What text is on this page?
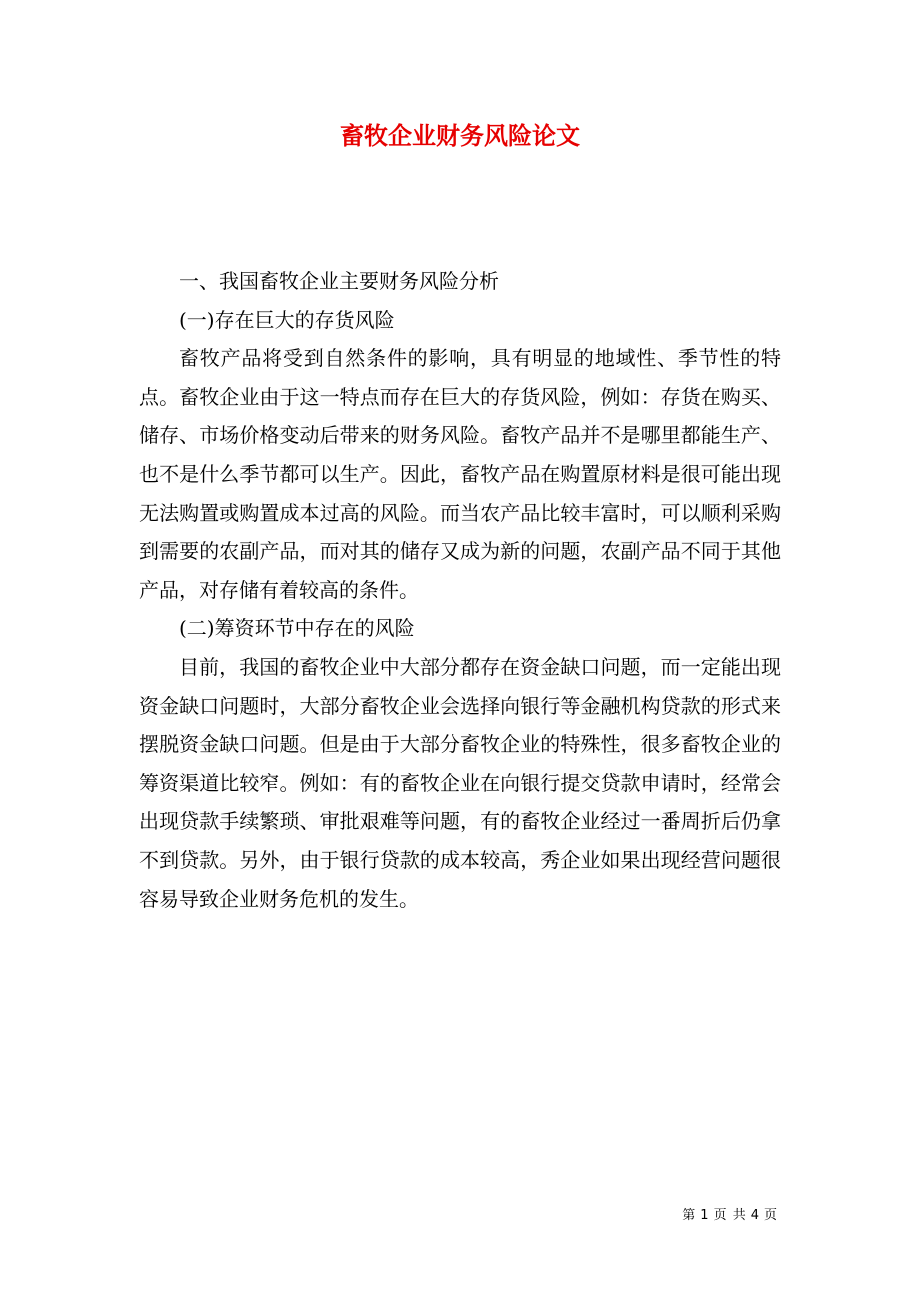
畜牧企业财务风险论文

一、我国畜牧企业主要财务风险分析

(一)存在巨大的存货风险

畜牧产品将受到自然条件的影响，具有明显的地域性、季节性的特点。畜牧企业由于这一特点而存在巨大的存货风险，例如：存货在购买、储存、市场价格变动后带来的财务风险。畜牧产品并不是哪里都能生产、也不是什么季节都可以生产。因此，畜牧产品在购置原材料是很可能出现无法购置或购置成本过高的风险。而当农产品比较丰富时，可以顺利采购到需要的农副产品，而对其的储存又成为新的问题，农副产品不同于其他产品，对存储有着较高的条件。

(二)筹资环节中存在的风险

目前，我国的畜牧企业中大部分都存在资金缺口问题，而一定能出现资金缺口问题时，大部分畜牧企业会选择向银行等金融机构贷款的形式来摆脱资金缺口问题。但是由于大部分畜牧企业的特殊性，很多畜牧企业的筹资渠道比较窄。例如：有的畜牧企业在向银行提交贷款申请时，经常会出现贷款手续繁琐、审批艰难等问题，有的畜牧企业经过一番周折后仍拿不到贷款。另外，由于银行贷款的成本较高，秀企业如果出现经营问题很容易导致企业财务危机的发生。

第 1 页 共 4 页
